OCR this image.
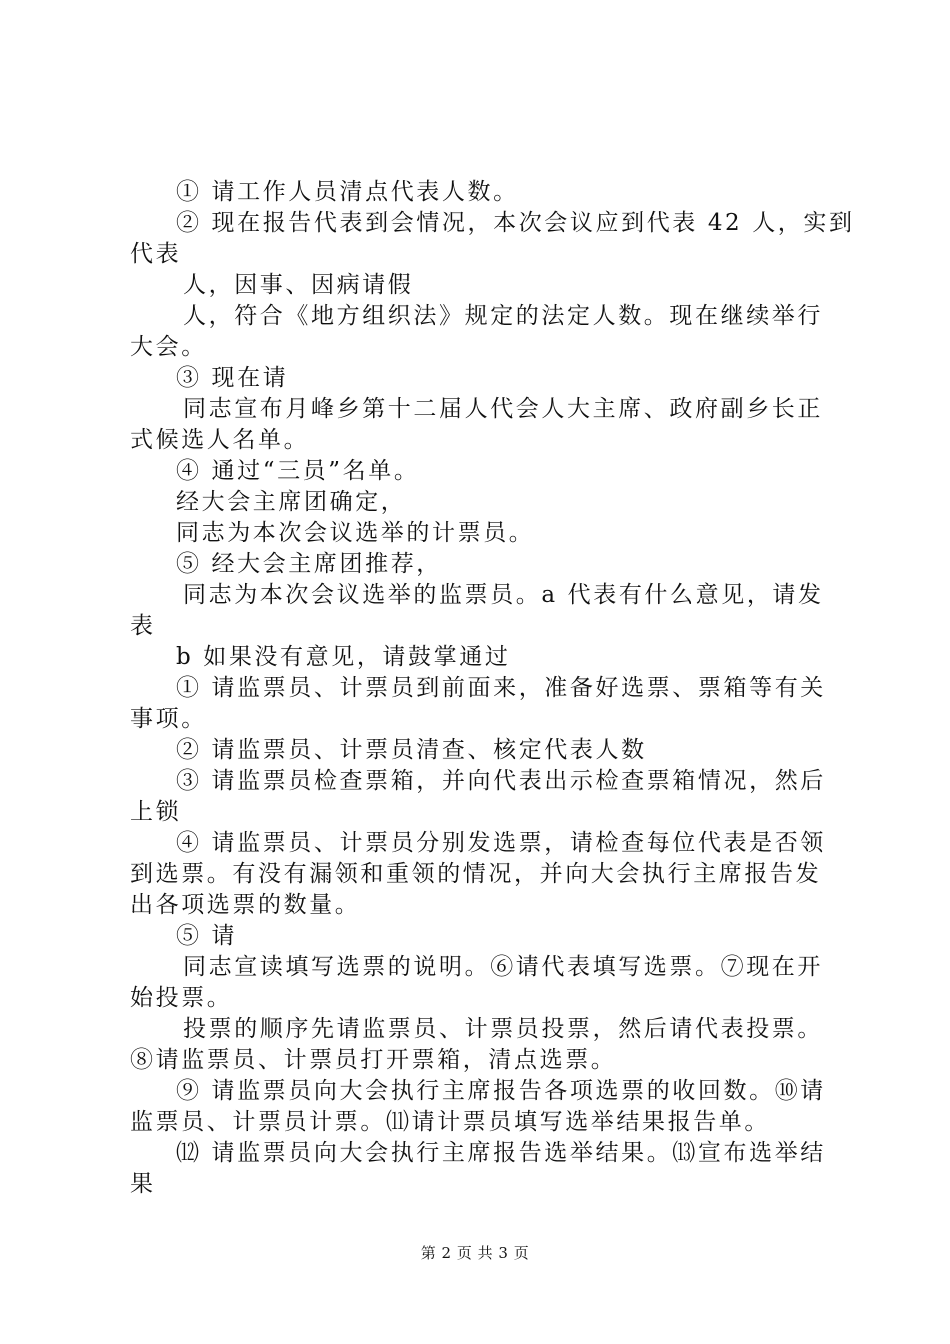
① 请工作人员清点代表人数。
② 现在报告代表到会情况，本次会议应到代表 42 人，实到
代表
人，因事、因病请假
人，符合《地方组织法》规定的法定人数。现在继续举行
大会。
③ 现在请
同志宣布月峰乡第十二届人代会人大主席、政府副乡长正
式候选人名单。
④ 通过“三员”名单。
经大会主席团确定，
同志为本次会议选举的计票员。
⑤ 经大会主席团推荐，
同志为本次会议选举的监票员。a 代表有什么意见，请发
表
b 如果没有意见，请鼓掌通过
① 请监票员、计票员到前面来，准备好选票、票箱等有关
事项。
② 请监票员、计票员清查、核定代表人数
③ 请监票员检查票箱，并向代表出示检查票箱情况，然后
上锁
④ 请监票员、计票员分别发选票，请检查每位代表是否领
到选票。有没有漏领和重领的情况，并向大会执行主席报告发
出各项选票的数量。
⑤ 请
同志宣读填写选票的说明。⑥请代表填写选票。⑦现在开
始投票。
投票的顺序先请监票员、计票员投票，然后请代表投票。
⑧请监票员、计票员打开票箱，清点选票。
⑨ 请监票员向大会执行主席报告各项选票的收回数。⑩请
监票员、计票员计票。⑾请计票员填写选举结果报告单。
⑿ 请监票员向大会执行主席报告选举结果。⒀宣布选举结
果
第 2 页 共 3 页
